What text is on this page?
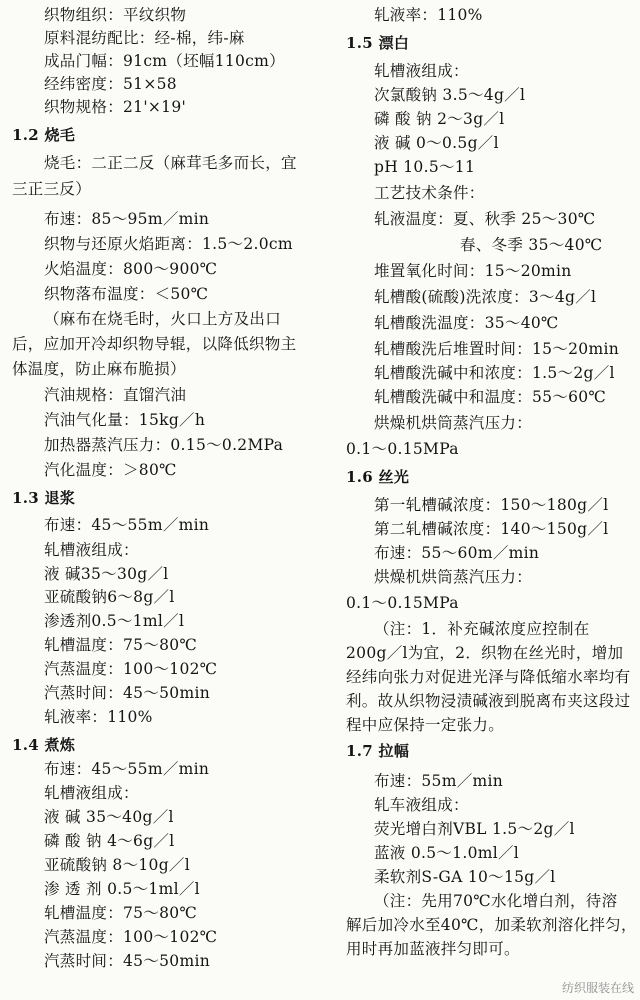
织物组织：平纹织物
原料混纺配比：经-棉，纬-麻
成品门幅：91cm（坯幅110cm）
经纬密度：51×58
织物规格：21'×19'
1.2 烧毛
烧毛：二正二反（麻茸毛多而长，宜
三正三反）
布速：85～95m／min
织物与还原火焰距离：1.5～2.0cm
火焰温度：800～900℃
织物落布温度：＜50℃
（麻布在烧毛时，火口上方及出口
后，应加开冷却织物导辊，以降低织物主
体温度，防止麻布脆损）
汽油规格：直馏汽油
汽油气化量：15kg／h
加热器蒸汽压力：0.15～0.2MPa
汽化温度：＞80℃
1.3 退浆
布速：45～55m／min
轧槽液组成：
液 碱35～30g／l
亚硫酸钠6～8g／l
渗透剂0.5～1ml／l
轧槽温度：75～80℃
汽蒸温度：100～102℃
汽蒸时间：45～50min
轧液率：110%
1.4 煮炼
布速：45～55m／min
轧槽液组成：
液 碱 35～40g／l
磷 酸 钠 4～6g／l
亚硫酸钠 8～10g／l
渗 透 剂 0.5～1ml／l
轧槽温度：75～80℃
汽蒸温度：100～102℃
汽蒸时间：45～50min
轧液率：110%
1.5 漂白
轧槽液组成：
次氯酸钠 3.5～4g／l
磷 酸 钠 2～3g／l
液 碱 0～0.5g／l
pH 10.5～11
工艺技术条件：
轧液温度：夏、秋季 25～30℃
春、冬季 35～40℃
堆置氧化时间：15～20min
轧槽酸(硫酸)洗浓度：3～4g／l
轧槽酸洗温度：35～40℃
轧槽酸洗后堆置时间：15～20min
轧槽酸洗碱中和浓度：1.5～2g／l
轧槽酸洗碱中和温度：55～60℃
烘燥机烘筒蒸汽压力：
0.1～0.15MPa
1.6 丝光
第一轧槽碱浓度：150～180g／l
第二轧槽碱浓度：140～150g／l
布速：55～60m／min
烘燥机烘筒蒸汽压力：
0.1～0.15MPa
（注：1．补充碱浓度应控制在
200g／l为宜，2．织物在丝光时，增加
经纬向张力对促进光泽与降低缩水率均有
利。故从织物浸渍碱液到脱离布夹这段过
程中应保持一定张力。
1.7 拉幅
布速：55m／min
轧车液组成：
荧光增白剂VBL 1.5～2g／l
蓝液 0.5～1.0ml／l
柔软剂S-GA 10～15g／l
（注：先用70℃水化增白剂，待溶
解后加冷水至40℃，加柔软剂溶化拌匀，
用时再加蓝液拌匀即可。
纺织服装在线
